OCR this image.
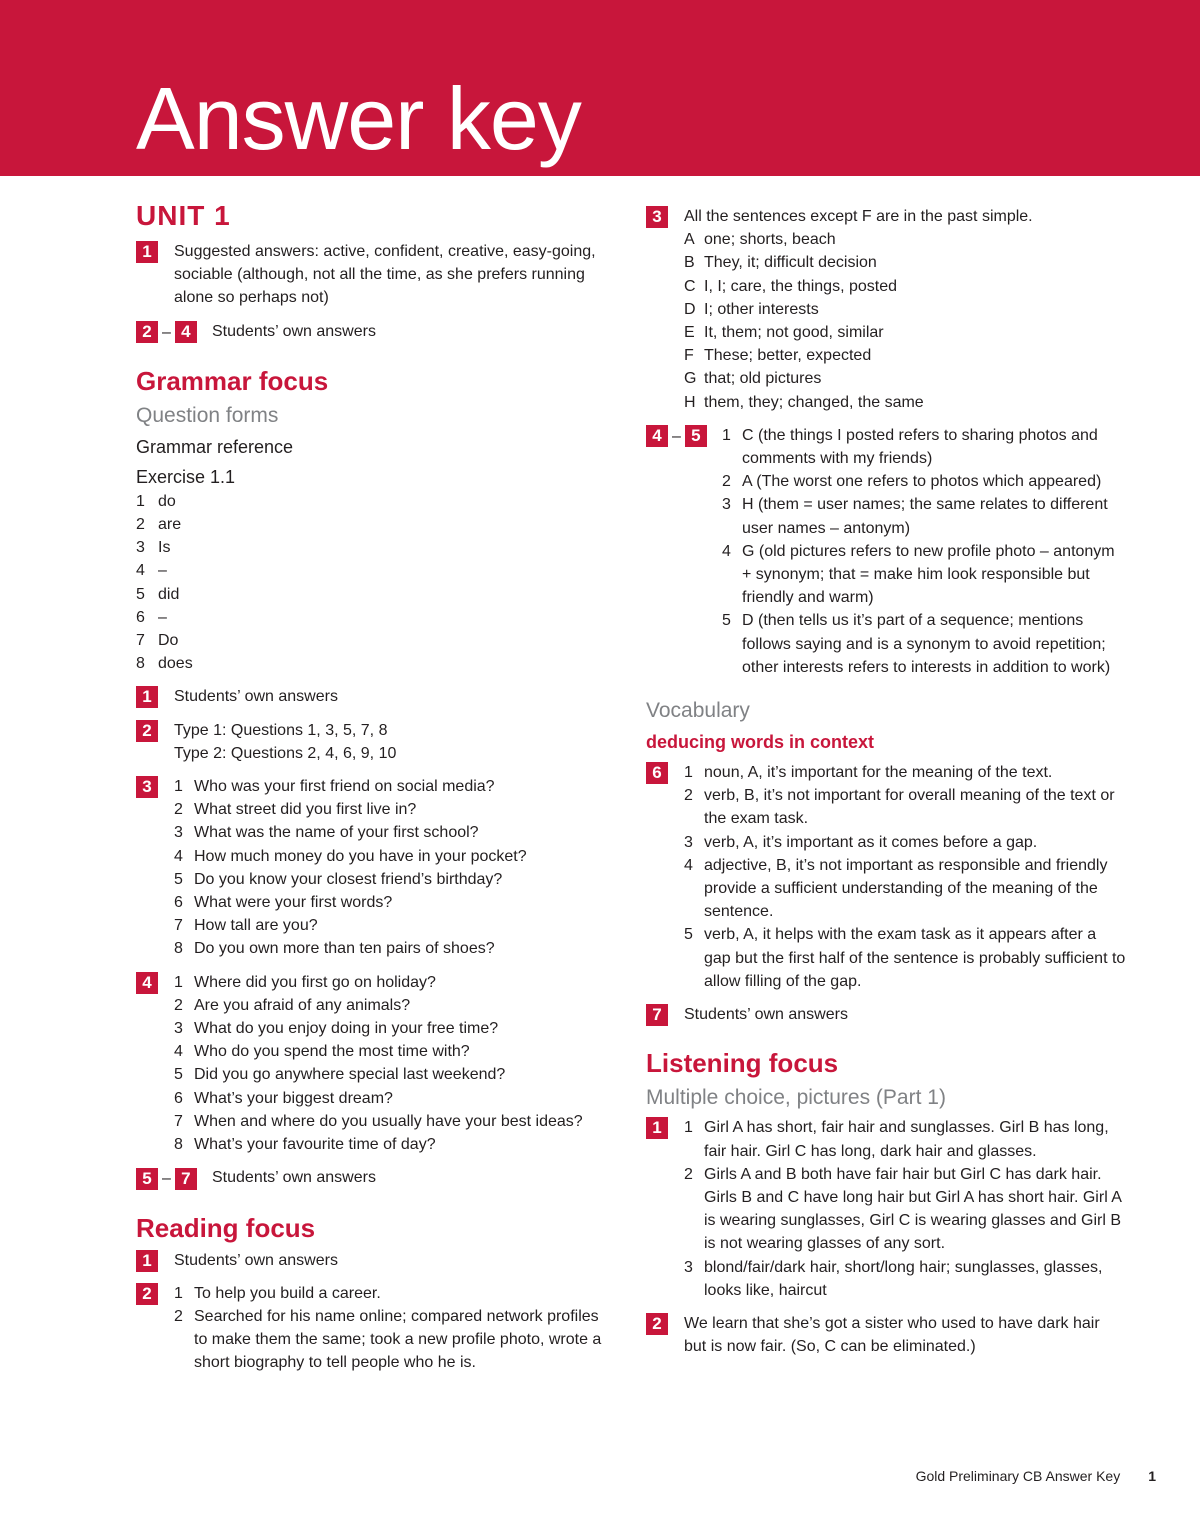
Answer key
UNIT 1
1	Suggested answers: active, confident, creative, easy-going, sociable (although, not all the time, as she prefers running alone so perhaps not)
2 – 4	Students’ own answers
Grammar focus
Question forms
Grammar reference
Exercise 1.1
1 do
2 are
3 Is
4 –
5 did
6 –
7 Do
8 does
1	Students’ own answers
2	Type 1: Questions 1, 3, 5, 7, 8
Type 2: Questions 2, 4, 6, 9, 10
3	1 Who was your first friend on social media?
2 What street did you first live in?
3 What was the name of your first school?
4 How much money do you have in your pocket?
5 Do you know your closest friend’s birthday?
6 What were your first words?
7 How tall are you?
8 Do you own more than ten pairs of shoes?
4	1 Where did you first go on holiday?
2 Are you afraid of any animals?
3 What do you enjoy doing in your free time?
4 Who do you spend the most time with?
5 Did you go anywhere special last weekend?
6 What’s your biggest dream?
7 When and where do you usually have your best ideas?
8 What’s your favourite time of day?
5 – 7	Students’ own answers
Reading focus
1	Students’ own answers
2	1 To help you build a career.
2 Searched for his name online; compared network profiles to make them the same; took a new profile photo, wrote a short biography to tell people who he is.
3	All the sentences except F are in the past simple.
A one; shorts, beach
B They, it; difficult decision
C I, I; care, the things, posted
D I; other interests
E It, them; not good, similar
F These; better, expected
G that; old pictures
H them, they; changed, the same
4 – 5	1 C (the things I posted refers to sharing photos and comments with my friends)
2 A (The worst one refers to photos which appeared)
3 H (them = user names; the same relates to different user names – antonym)
4 G (old pictures refers to new profile photo – antonym + synonym; that = make him look responsible but friendly and warm)
5 D (then tells us it’s part of a sequence; mentions follows saying and is a synonym to avoid repetition; other interests refers to interests in addition to work)
Vocabulary
deducing words in context
6	1 noun, A, it’s important for the meaning of the text.
2 verb, B, it’s not important for overall meaning of the text or the exam task.
3 verb, A, it’s important as it comes before a gap.
4 adjective, B, it’s not important as responsible and friendly provide a sufficient understanding of the meaning of the sentence.
5 verb, A, it helps with the exam task as it appears after a gap but the first half of the sentence is probably sufficient to allow filling of the gap.
7	Students’ own answers
Listening focus
Multiple choice, pictures (Part 1)
1	1 Girl A has short, fair hair and sunglasses. Girl B has long, fair hair. Girl C has long, dark hair and glasses.
2 Girls A and B both have fair hair but Girl C has dark hair. Girls B and C have long hair but Girl A has short hair. Girl A is wearing sunglasses, Girl C is wearing glasses and Girl B is not wearing glasses of any sort.
3 blond/fair/dark hair, short/long hair; sunglasses, glasses, looks like, haircut
2	We learn that she’s got a sister who used to have dark hair but is now fair. (So, C can be eliminated.)
Gold Preliminary CB Answer Key 1
